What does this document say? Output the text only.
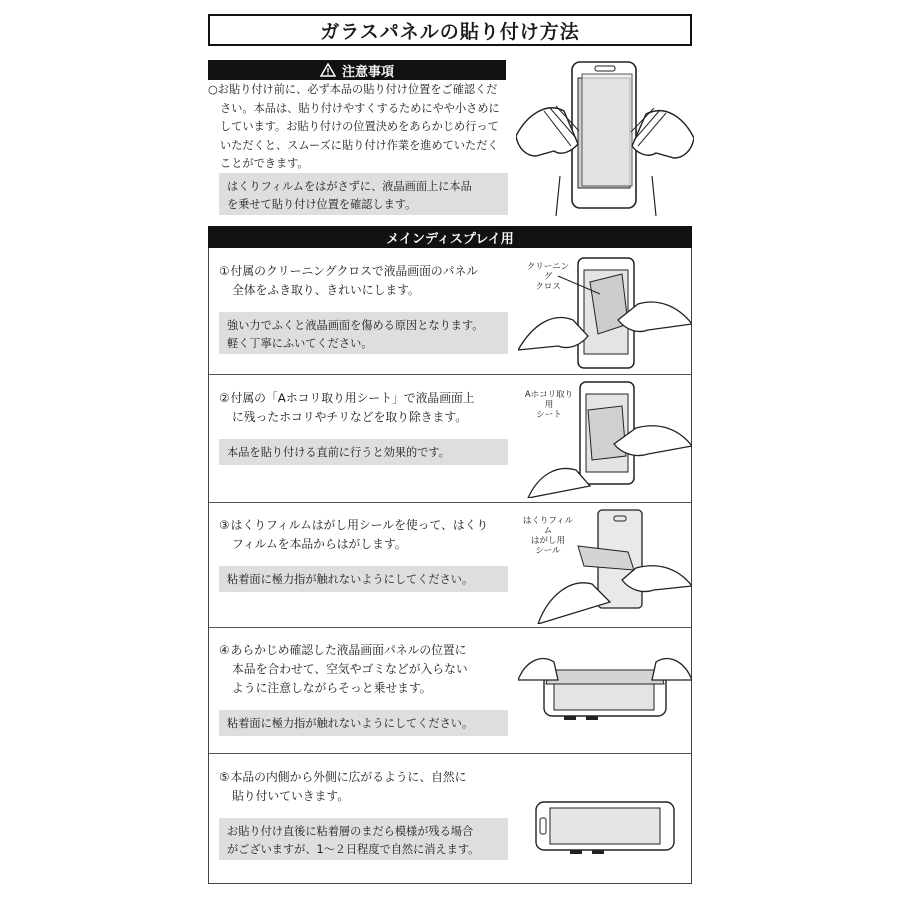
ガラスパネルの貼り付け方法
注意事項
○お貼り付け前に、必ず本品の貼り付け位置をご確認くだ
さい。本品は、貼り付けやすくするためにやや小さめに
しています。お貼り付けの位置決めをあらかじめ行って
いただくと、スムーズに貼り付け作業を進めていただく
ことができます。
はくりフィルムをはがさずに、液晶画面上に本品
を乗せて貼り付け位置を確認します。
メインディスプレイ用
①付属のクリーニングクロスで液晶画面のパネル
全体をふき取り、きれいにします。
強い力でふくと液晶画面を傷める原因となります。
軽く丁寧にふいてください。
クリーニング
クロス
②付属の「Aホコリ取り用シート」で液晶画面上
に残ったホコリやチリなどを取り除きます。
本品を貼り付ける直前に行うと効果的です。
Aホコリ取り用
シート
③はくりフィルムはがし用シールを使って、はくり
フィルムを本品からはがします。
粘着面に極力指が触れないようにしてください。
はくりフィルム
はがし用
シール
④あらかじめ確認した液晶画面パネルの位置に
本品を合わせて、空気やゴミなどが入らない
ように注意しながらそっと乗せます。
粘着面に極力指が触れないようにしてください。
⑤本品の内側から外側に広がるように、自然に
貼り付いていきます。
お貼り付け直後に粘着層のまだら模様が残る場合
がございますが、1〜２日程度で自然に消えます。
